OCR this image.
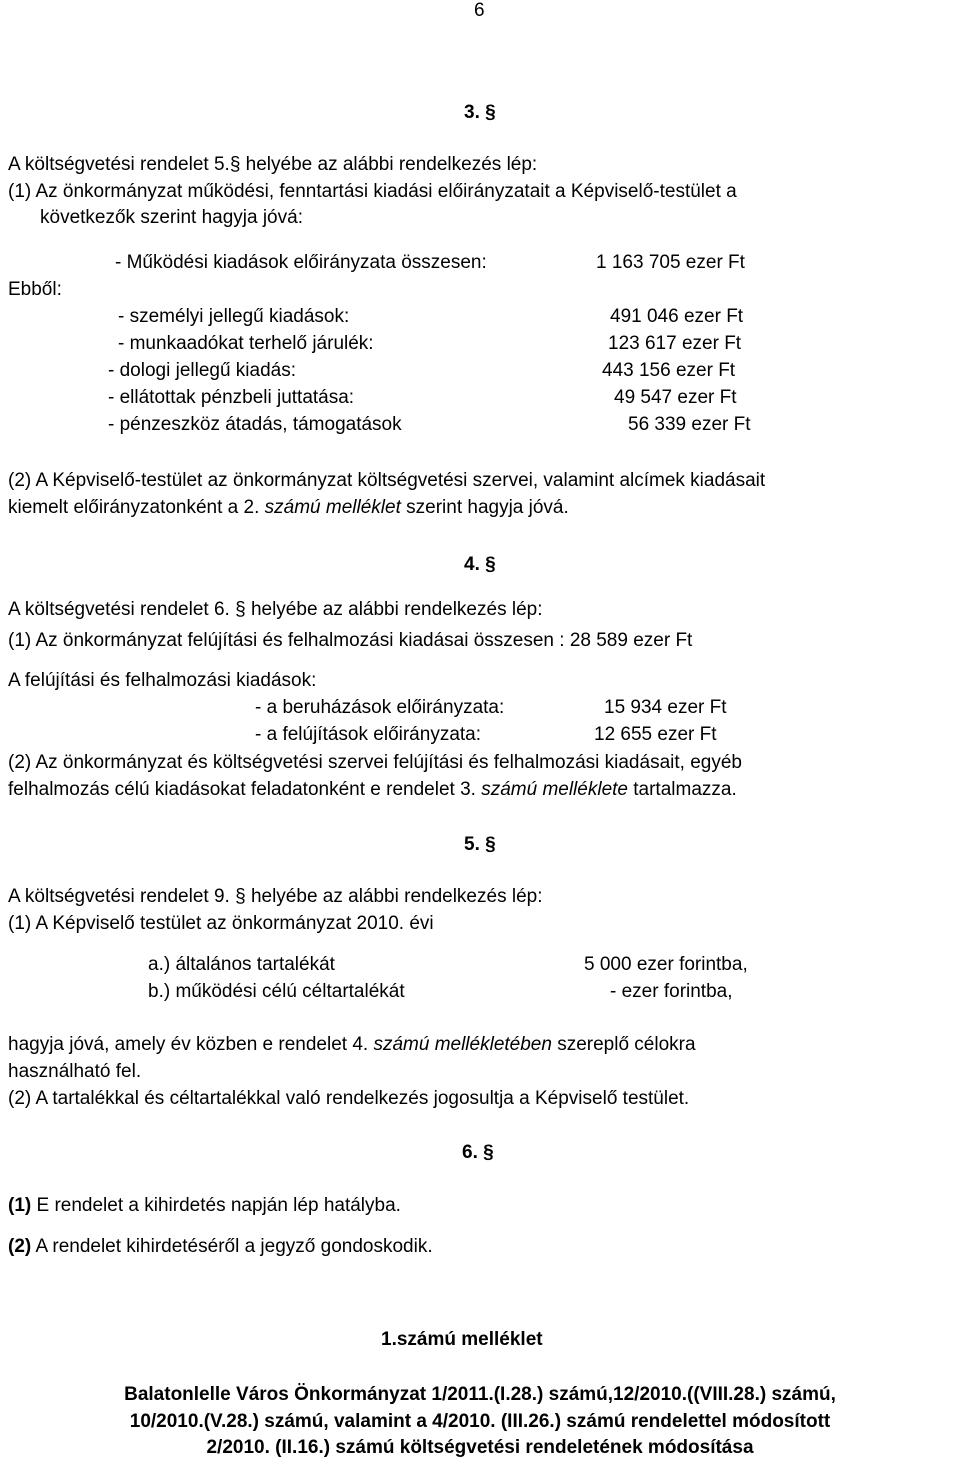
6
3. §
A költségvetési rendelet 5.§ helyébe az alábbi rendelkezés lép:
(1) Az önkormányzat működési, fenntartási kiadási előirányzatait a Képviselő-testület a
következők szerint hagyja jóvá:
- Működési kiadások előirányzata összesen:	1 163 705 ezer Ft
Ebből:
- személyi jellegű kiadások:	491 046 ezer Ft
- munkaadókat terhelő járulék:	123 617 ezer Ft
- dologi jellegű kiadás:	443 156 ezer Ft
- ellátottak pénzbeli juttatása:	49 547 ezer Ft
- pénzeszköz átadás, támogatások	56 339 ezer Ft
(2) A Képviselő-testület az önkormányzat költségvetési szervei, valamint alcímek kiadásait
kiemelt előirányzatonként a 2. számú melléklet szerint hagyja jóvá.
4. §
A költségvetési rendelet 6. § helyébe az alábbi rendelkezés lép:
(1) Az önkormányzat felújítási és felhalmozási kiadásai összesen : 28 589 ezer Ft
A felújítási és felhalmozási kiadások:
- a beruházások előirányzata:	15 934 ezer Ft
- a felújítások előirányzata:	12 655 ezer Ft
(2) Az önkormányzat és költségvetési szervei felújítási és felhalmozási kiadásait, egyéb
felhalmozás célú kiadásokat feladatonként e rendelet 3. számú melléklete tartalmazza.
5. §
A költségvetési rendelet 9. § helyébe az alábbi rendelkezés lép:
(1) A Képviselő testület az önkormányzat 2010. évi
a.) általános tartalékát	5 000 ezer forintba,
b.) működési célú céltartalékát	- ezer forintba,
hagyja jóvá, amely év közben e rendelet 4. számú mellékletében szereplő célokra
használható fel.
(2) A tartalékkal és céltartalékkal való rendelkezés jogosultja a Képviselő testület.
6. §
(1) E rendelet a kihirdetés napján lép hatályba.
(2) A rendelet kihirdetéséről a jegyző gondoskodik.
1.számú melléklet
Balatonlelle Város Önkormányzat 1/2011.(I.28.) számú,12/2010.((VIII.28.) számú,
10/2010.(V.28.) számú, valamint a 4/2010. (III.26.) számú rendelettel módosított
2/2010. (II.16.) számú költségvetési rendeletének módosítása
